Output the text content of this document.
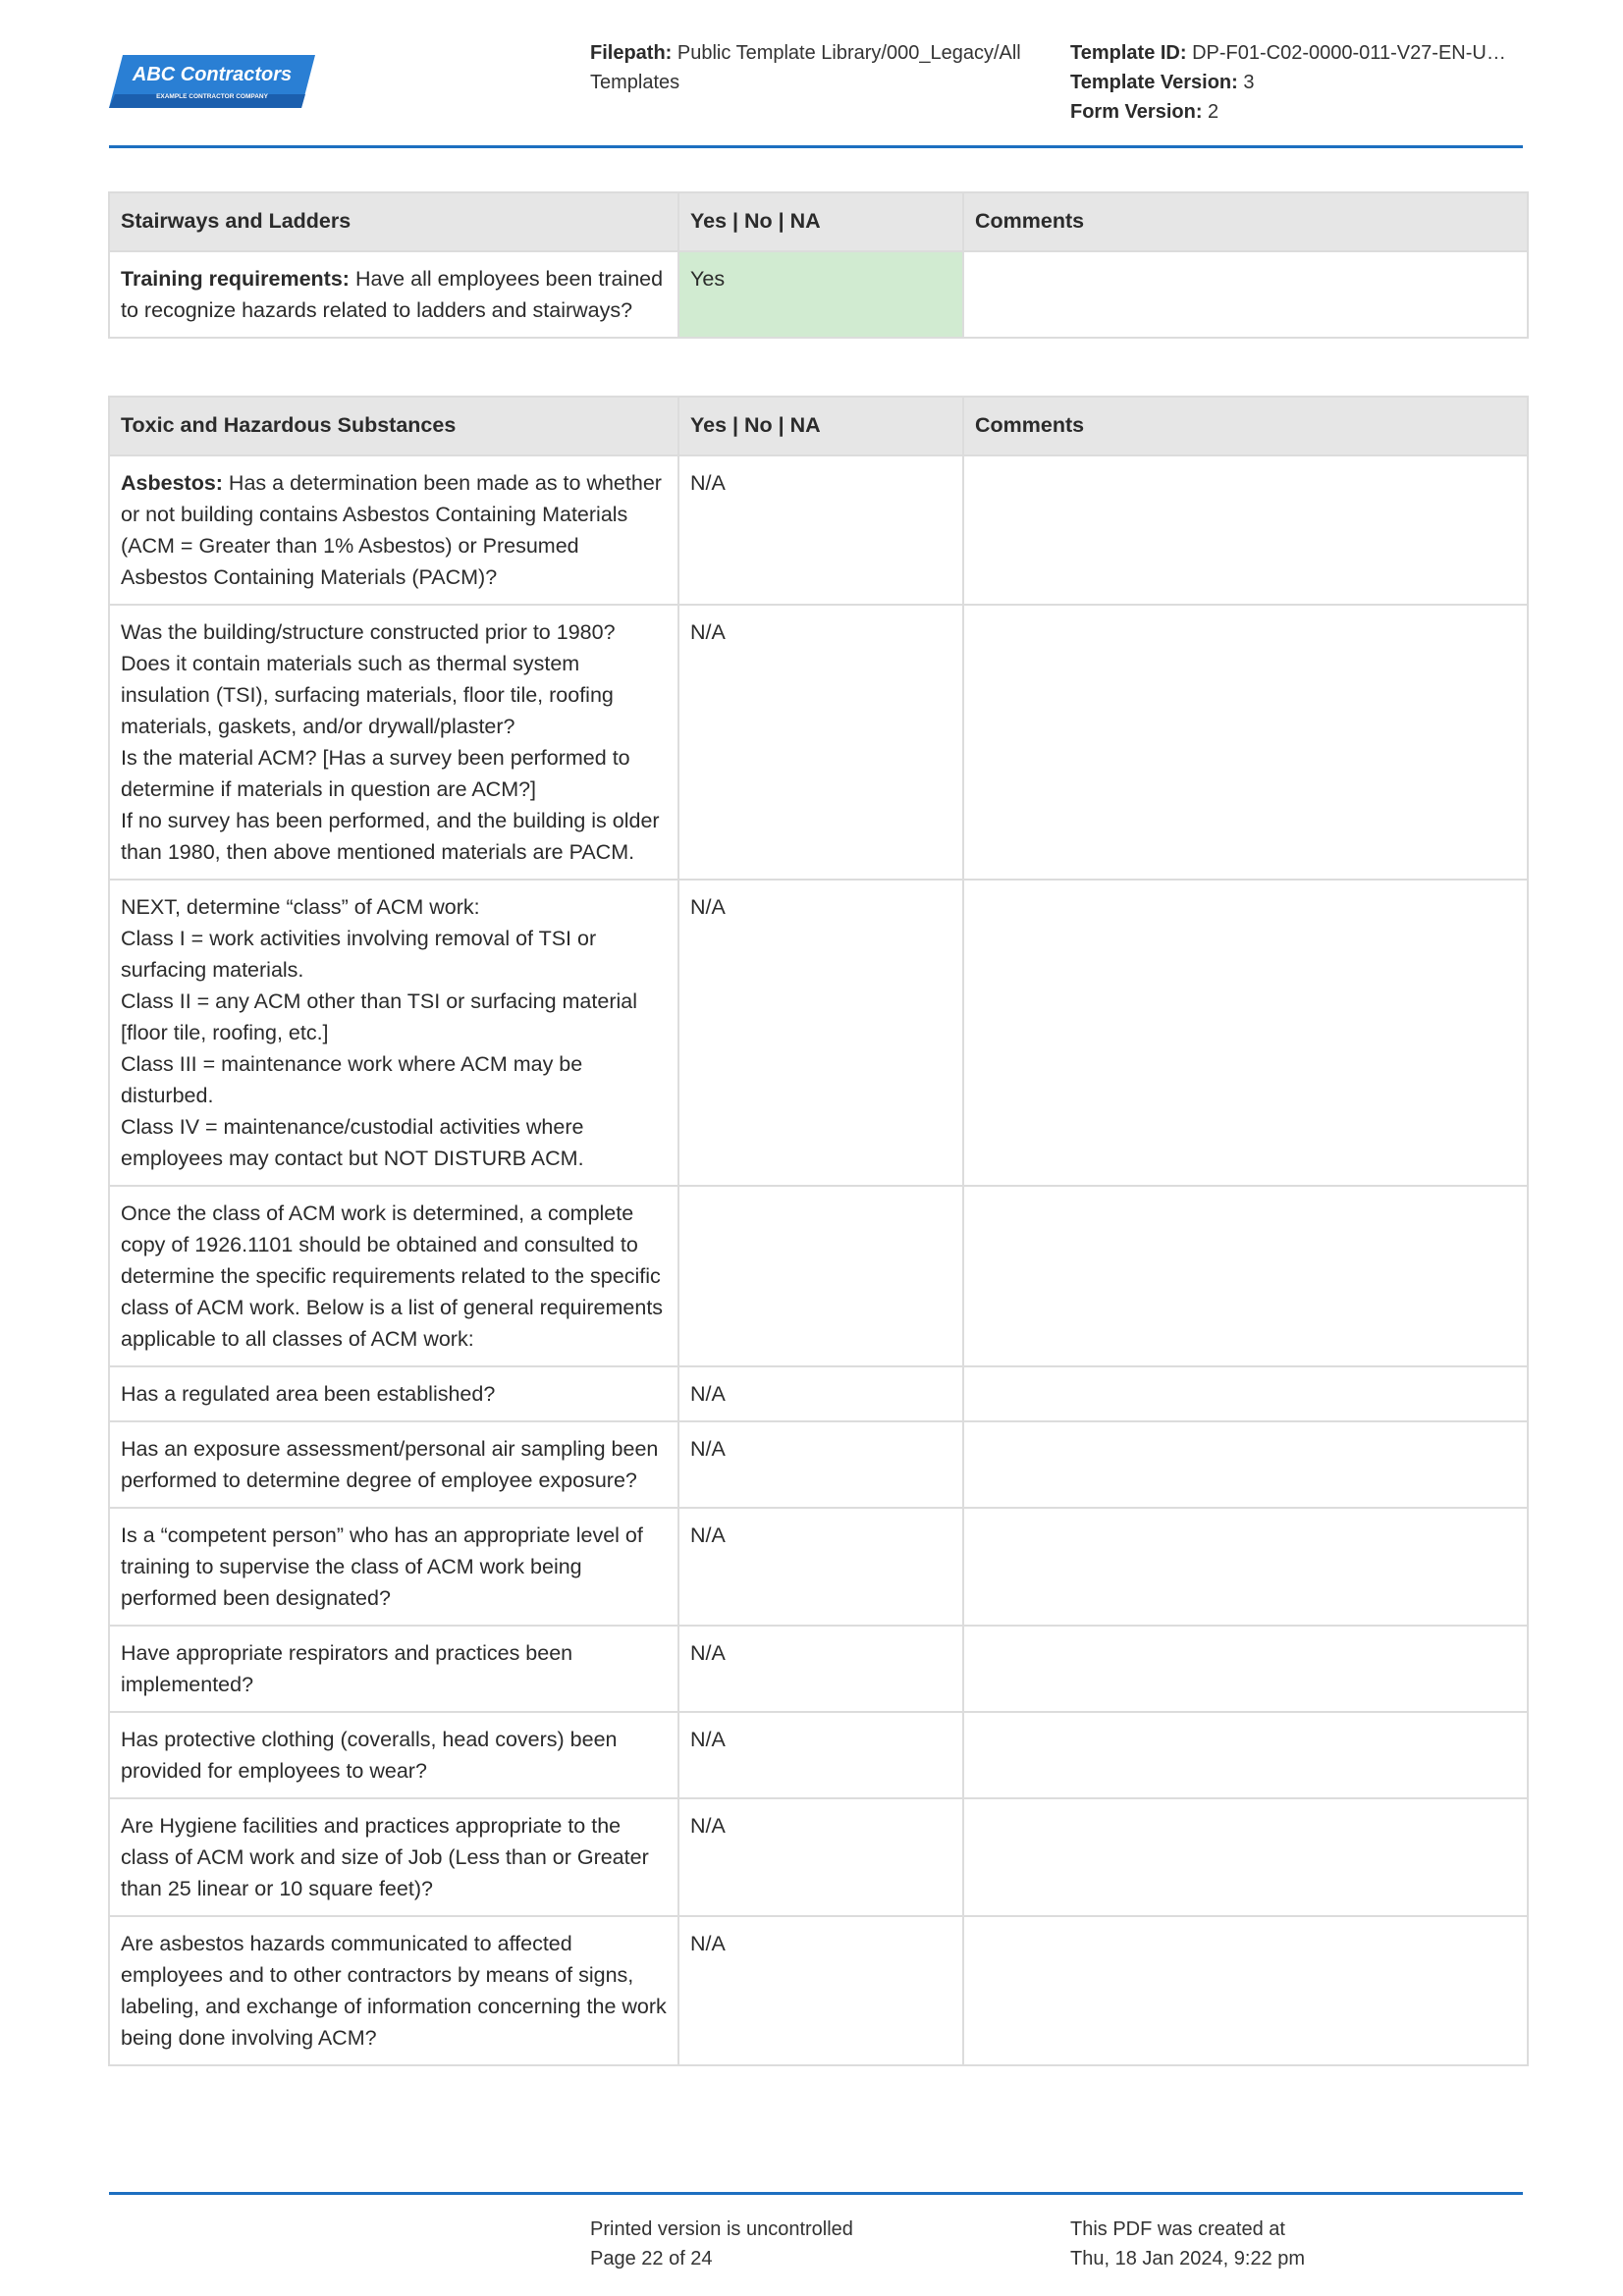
ABC Contractors
EXAMPLE CONTRACTOR COMPANY
Filepath: Public Template Library/000_Legacy/All Templates
Template ID: DP-F01-C02-0000-011-V27-EN-U…
Template Version: 3
Form Version: 2
Stairways and Ladders	Yes | No | NA	Comments
Training requirements: Have all employees been trained to recognize hazards related to ladders and stairways?	Yes	
Toxic and Hazardous Substances	Yes | No | NA	Comments
Asbestos: Has a determination been made as to whether or not building contains Asbestos Containing Materials (ACM = Greater than 1% Asbestos) or Presumed Asbestos Containing Materials (PACM)?	N/A	

Was the building/structure constructed prior to 1980? Does it contain materials such as thermal system insulation (TSI), surfacing materials, floor tile, roofing materials, gaskets, and/or drywall/plaster?
Is the material ACM? [Has a survey been performed to determine if materials in question are ACM?]
If no survey has been performed, and the building is older than 1980, then above mentioned materials are PACM.	N/A	

NEXT, determine “class” of ACM work:
Class I = work activities involving removal of TSI or surfacing materials.
Class II = any ACM other than TSI or surfacing material [floor tile, roofing, etc.]
Class III = maintenance work where ACM may be disturbed.
Class IV = maintenance/custodial activities where employees may contact but NOT DISTURB ACM.	N/A	
Once the class of ACM work is determined, a complete copy of 1926.1101 should be obtained and consulted to determine the specific requirements related to the specific class of ACM work. Below is a list of general requirements applicable to all classes of ACM work:		
Has a regulated area been established?	N/A	
Has an exposure assessment/personal air sampling been performed to determine degree of employee exposure?	N/A	
Is a “competent person” who has an appropriate level of training to supervise the class of ACM work being performed been designated?	N/A	
Have appropriate respirators and practices been implemented?	N/A	
Has protective clothing (coveralls, head covers) been provided for employees to wear?	N/A	
Are Hygiene facilities and practices appropriate to the class of ACM work and size of Job (Less than or Greater than 25 linear or 10 square feet)?	N/A	
Are asbestos hazards communicated to affected employees and to other contractors by means of signs, labeling, and exchange of information concerning the work being done involving ACM?	N/A	
Printed version is uncontrolled
Page 22 of 24
This PDF was created at
Thu, 18 Jan 2024, 9:22 pm
